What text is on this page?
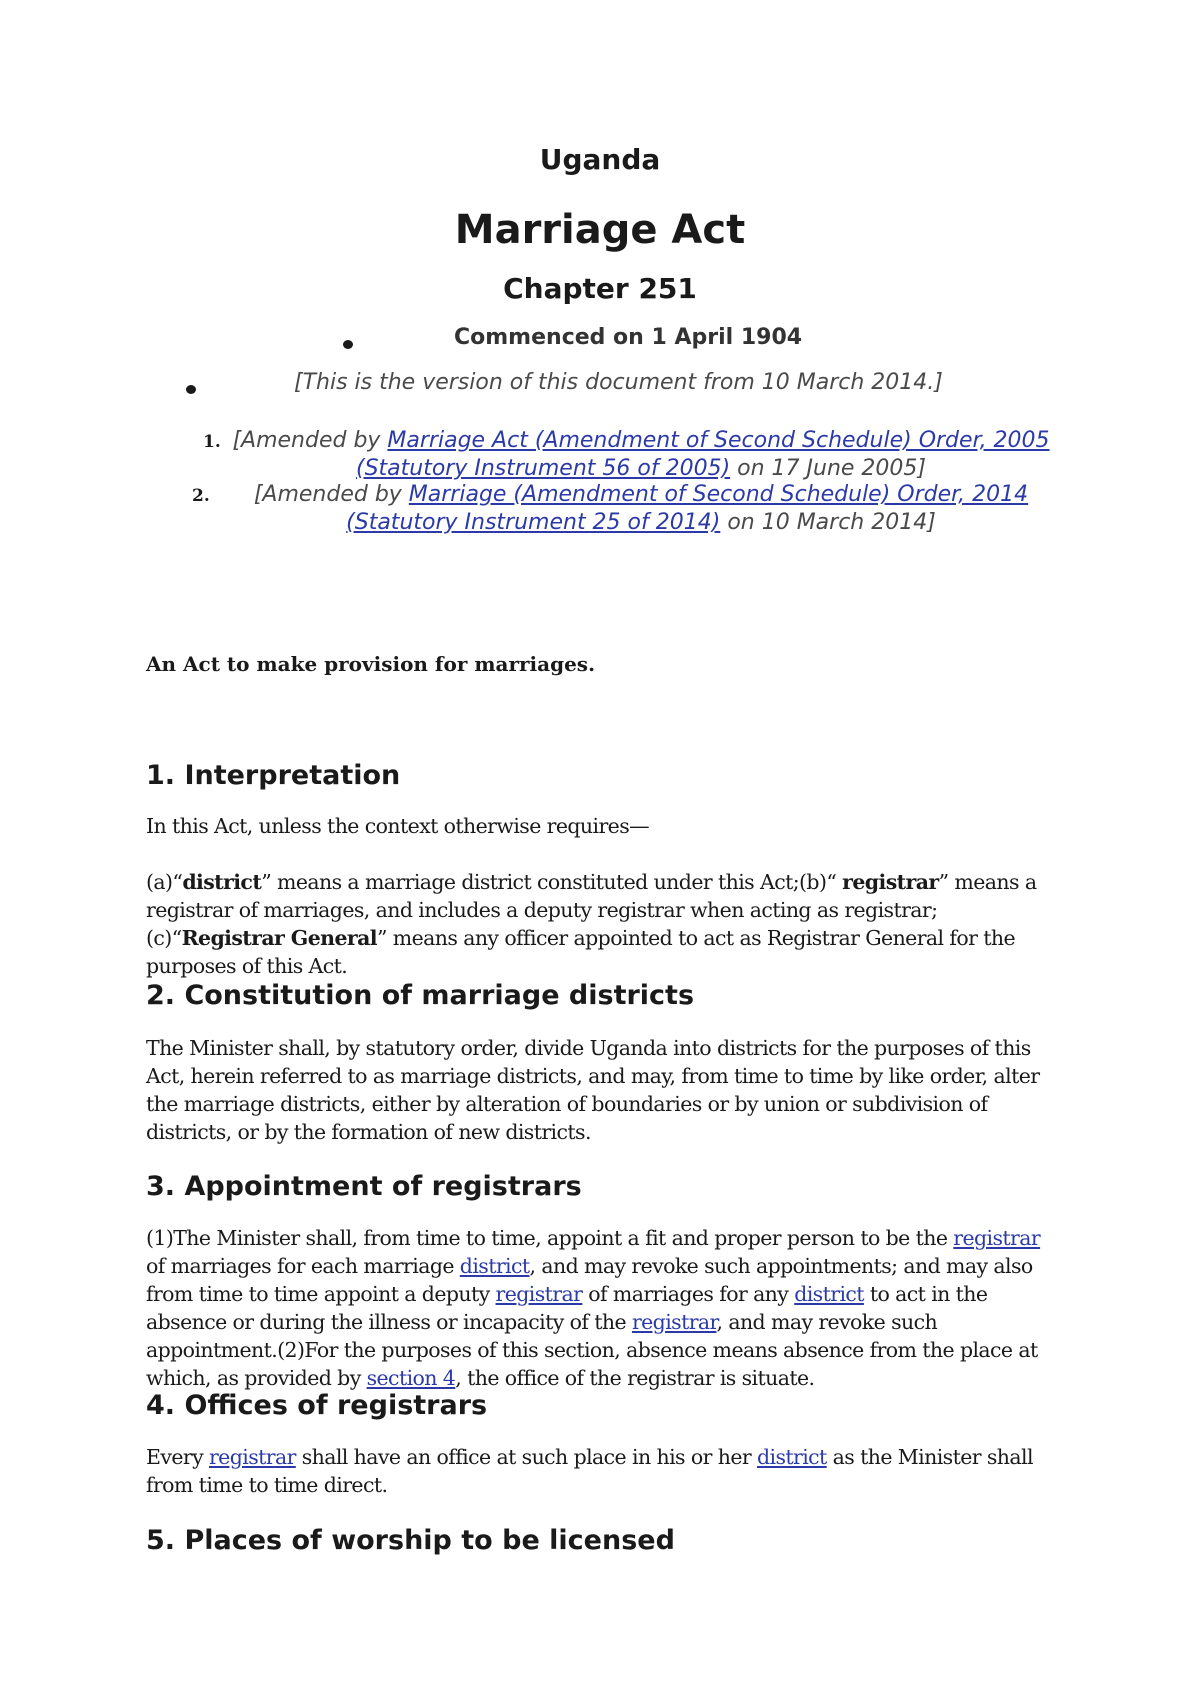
Uganda
Marriage Act
Chapter 251
Commenced on 1 April 1904
[This is the version of this document from 10 March 2014.]
1. [Amended by Marriage Act (Amendment of Second Schedule) Order, 2005 (Statutory Instrument 56 of 2005) on 17 June 2005]
2.	[Amended by Marriage (Amendment of Second Schedule) Order, 2014 (Statutory Instrument 25 of 2014) on 10 March 2014]
An Act to make provision for marriages.
1. Interpretation
In this Act, unless the context otherwise requires—
(a)“district” means a marriage district constituted under this Act;(b)“ registrar” means a registrar of marriages, and includes a deputy registrar when acting as registrar;(c)“Registrar General” means any officer appointed to act as Registrar General for the purposes of this Act.
2. Constitution of marriage districts
The Minister shall, by statutory order, divide Uganda into districts for the purposes of this Act, herein referred to as marriage districts, and may, from time to time by like order, alter the marriage districts, either by alteration of boundaries or by union or subdivision of districts, or by the formation of new districts.
3. Appointment of registrars
(1)The Minister shall, from time to time, appoint a fit and proper person to be the registrar of marriages for each marriage district, and may revoke such appointments; and may also from time to time appoint a deputy registrar of marriages for any district to act in the absence or during the illness or incapacity of the registrar, and may revoke such appointment.(2)For the purposes of this section, absence means absence from the place at which, as provided by section 4, the office of the registrar is situate.
4. Offices of registrars
Every registrar shall have an office at such place in his or her district as the Minister shall from time to time direct.
5. Places of worship to be licensed
